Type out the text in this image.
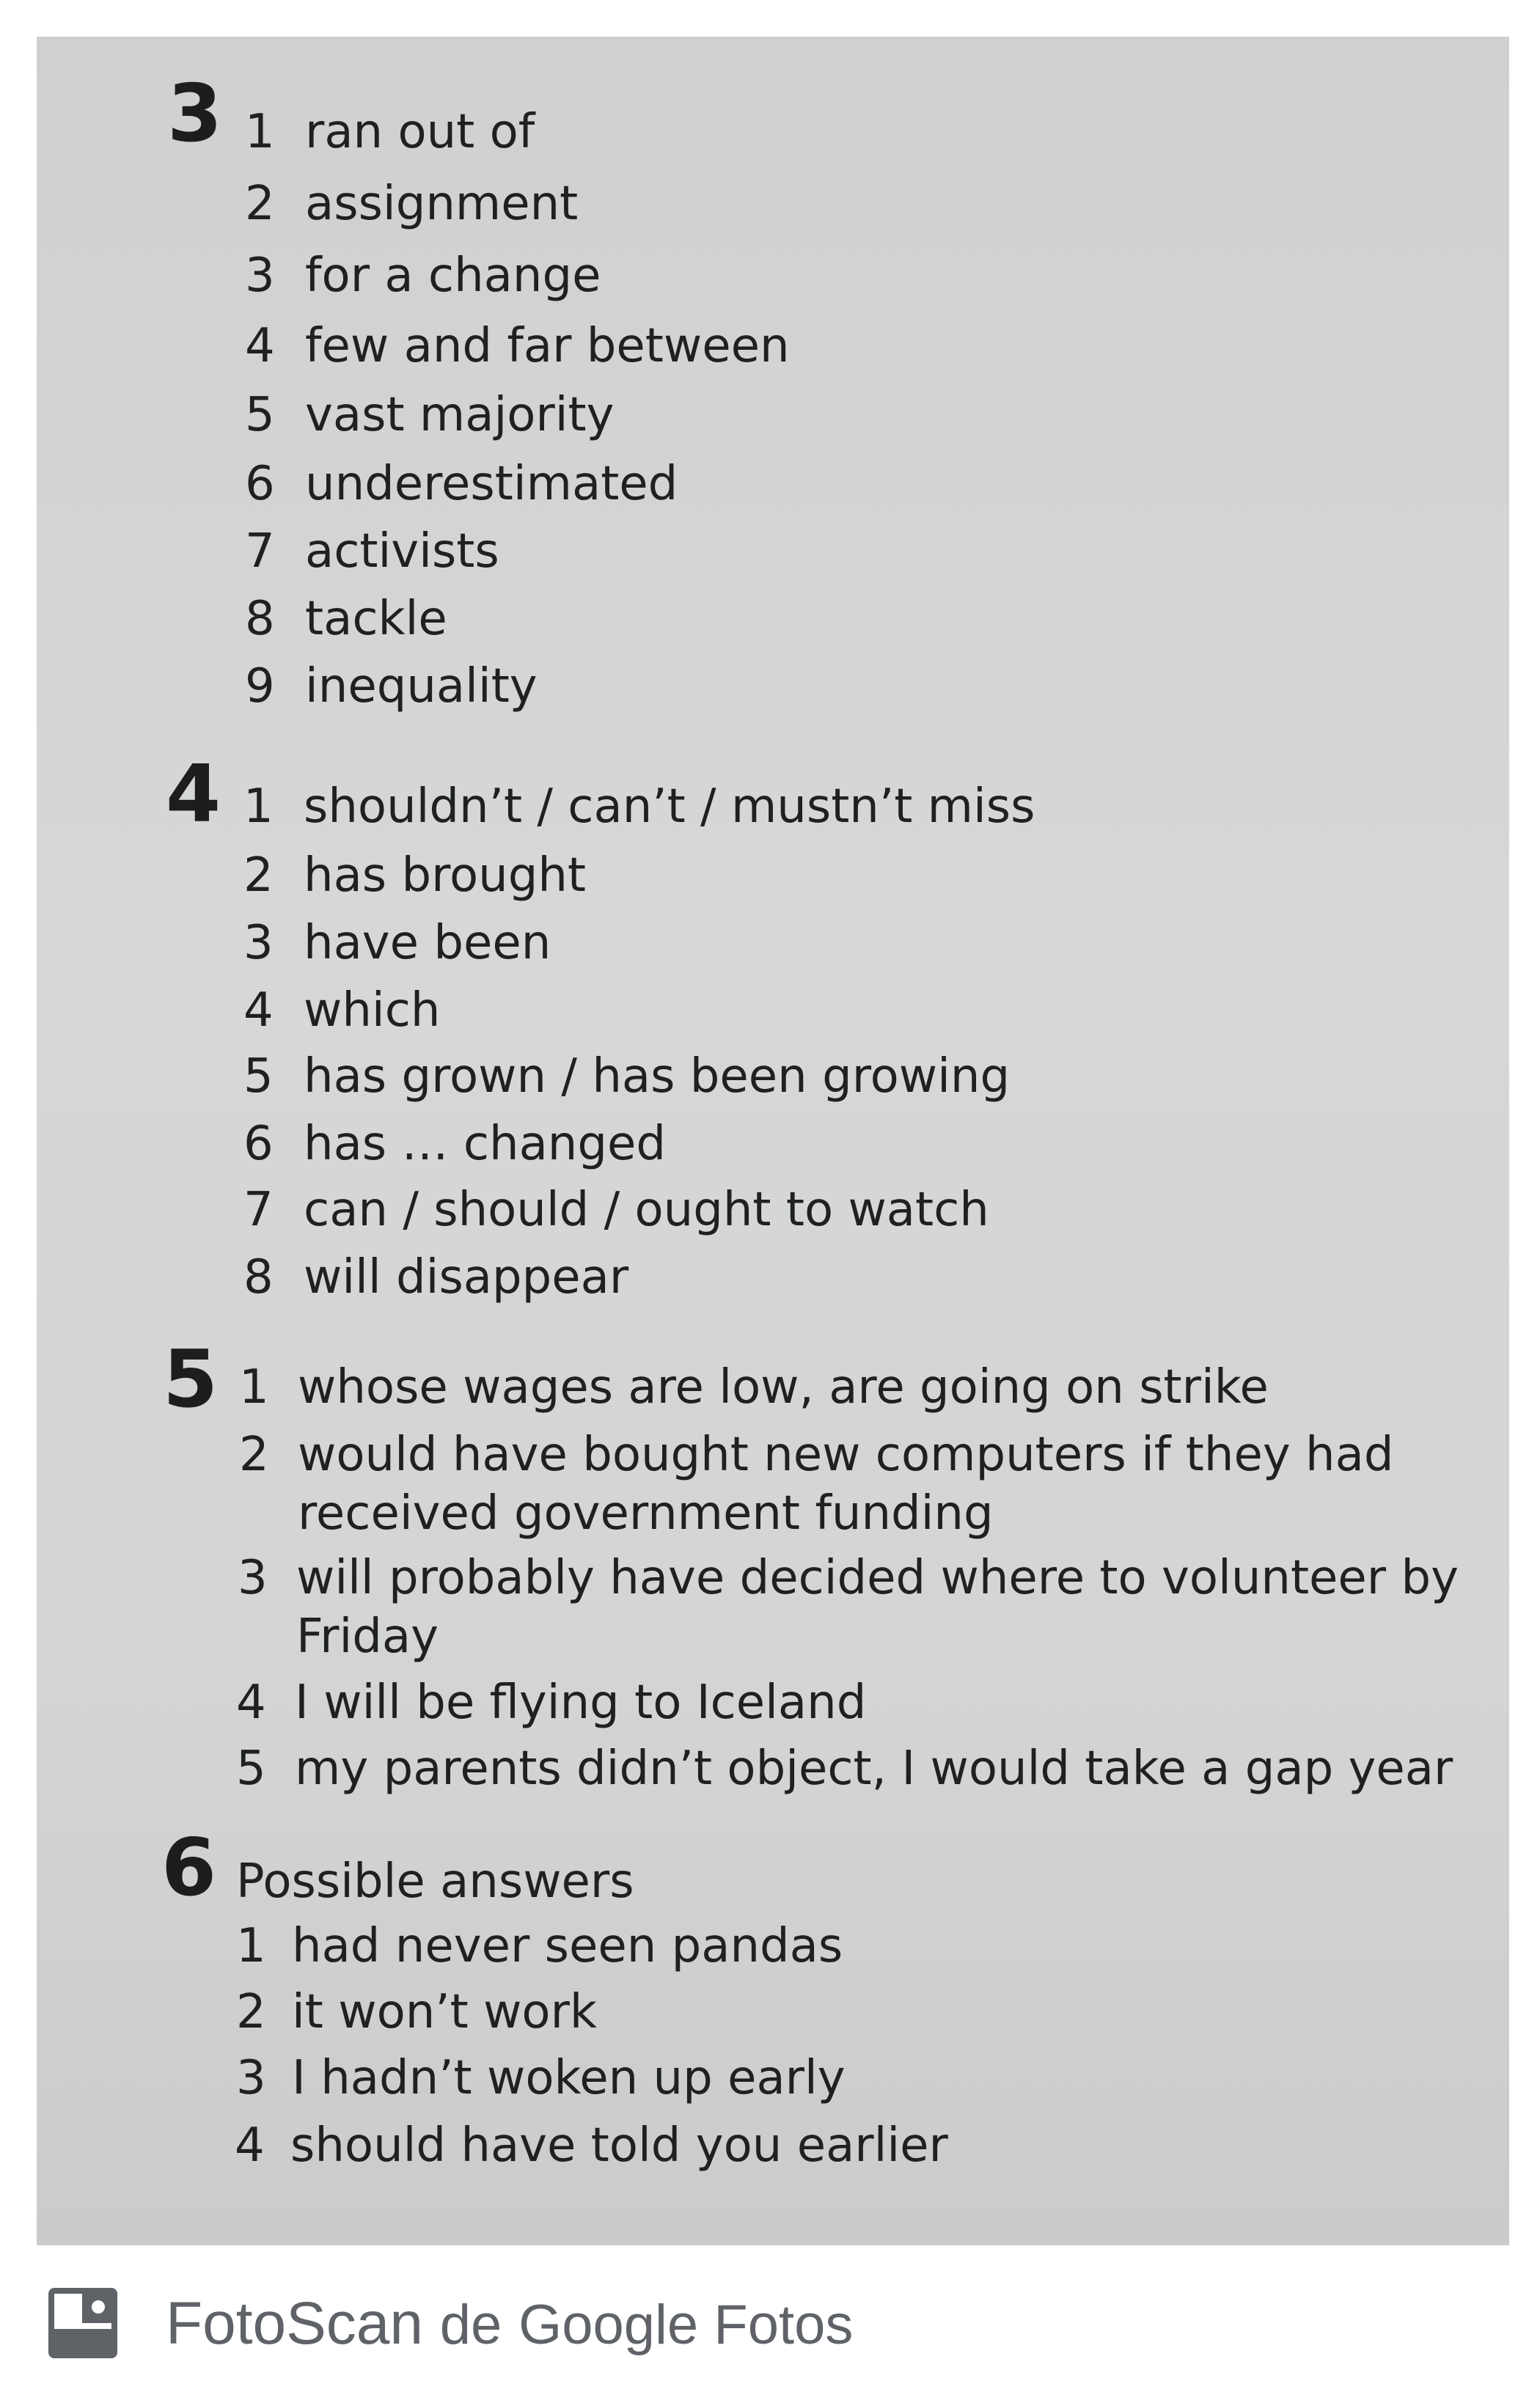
3 1 ran out of
2 assignment
3 for a change
4 few and far between
5 vast majority
6 underestimated
7 activists
8 tackle
9 inequality
4 1 shouldn’t / can’t / mustn’t miss
2 has brought
3 have been
4 which
5 has grown / has been growing
6 has … changed
7 can / should / ought to watch
8 will disappear
5 1 whose wages are low, are going on strike
2 would have bought new computers if they had
received government funding
3 will probably have decided where to volunteer by
Friday
4 I will be flying to Iceland
5 my parents didn’t object, I would take a gap year
6 Possible answers
1 had never seen pandas
2 it won’t work
3 I hadn’t woken up early
4 should have told you earlier
FotoScan de Google Fotos
